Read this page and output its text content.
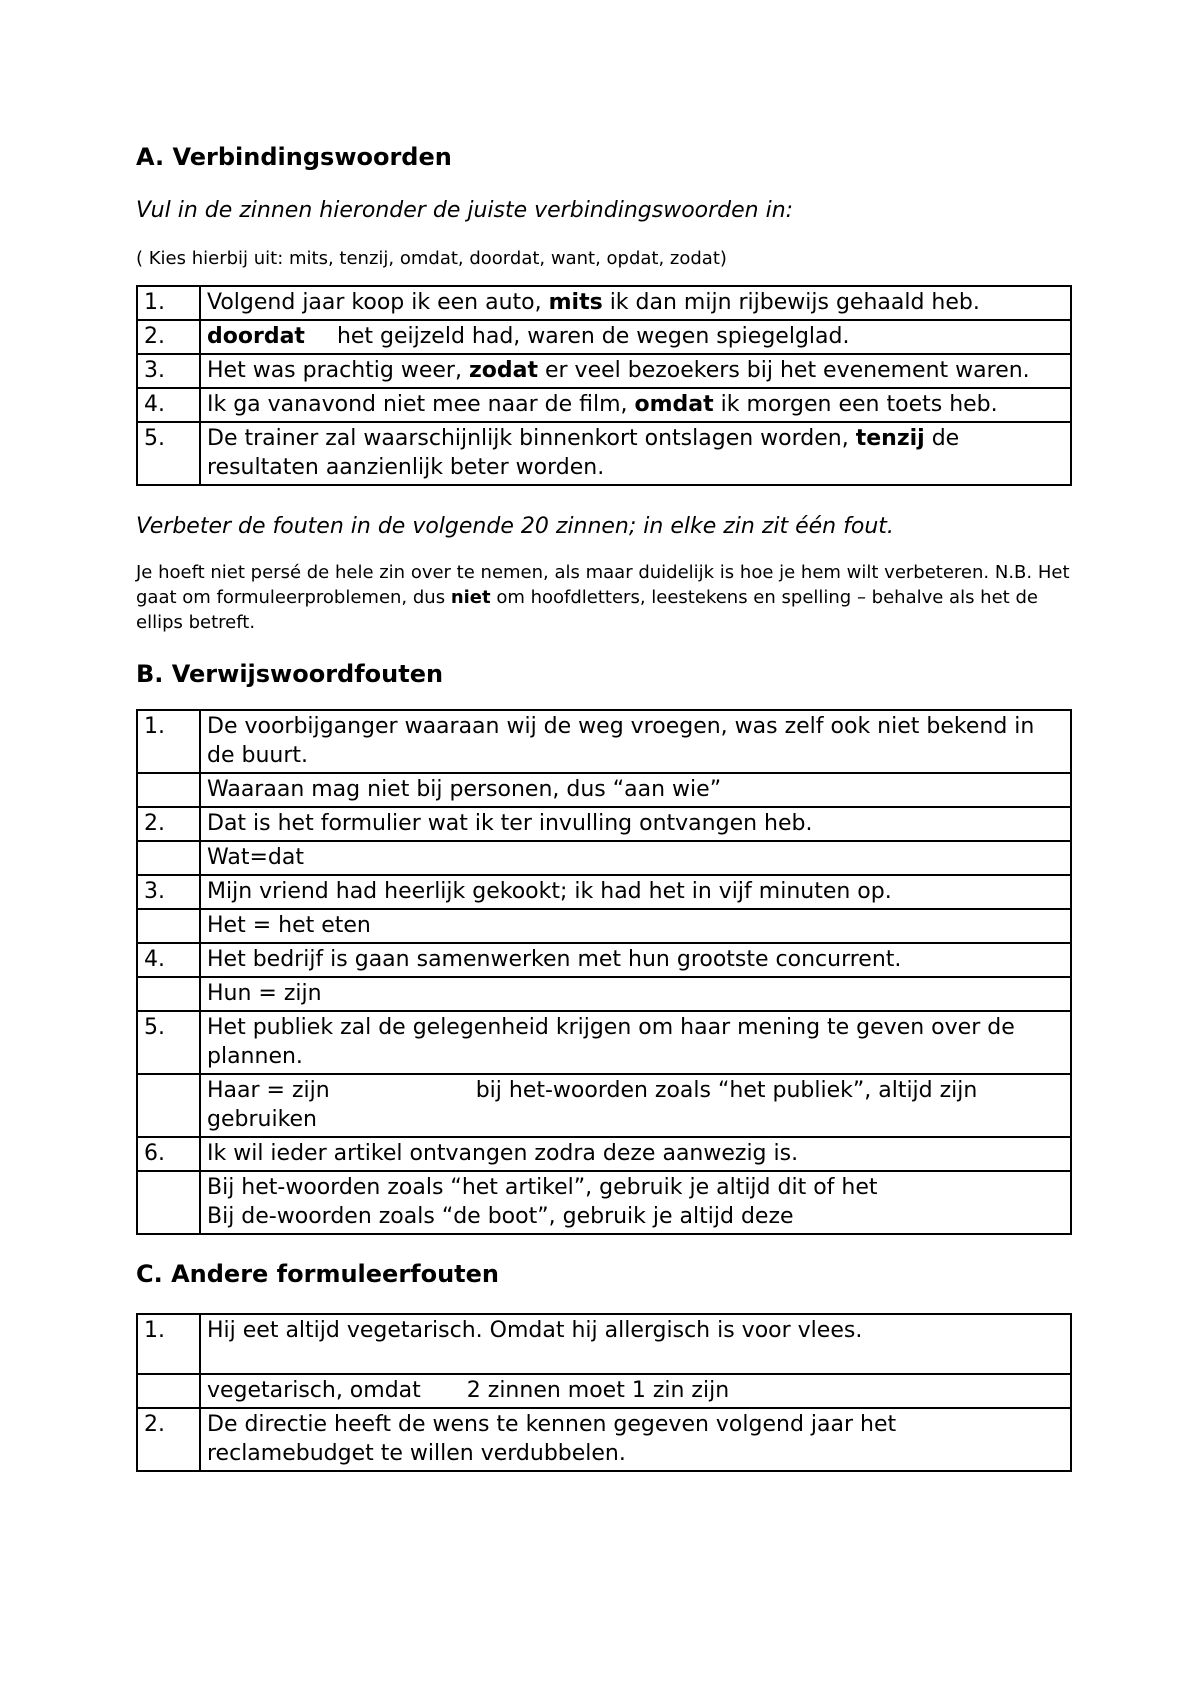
A. Verbindingswoorden

Vul in de zinnen hieronder de juiste verbindingswoorden in:

( Kies hierbij uit: mits, tenzij, omdat, doordat, want, opdat, zodat)

1.	Volgend jaar koop ik een auto, mits ik dan mijn rijbewijs gehaald heb.
2.	doordat het geijzeld had, waren de wegen spiegelglad.
3.	Het was prachtig weer, zodat er veel bezoekers bij het evenement waren.
4.	Ik ga vanavond niet mee naar de film, omdat ik morgen een toets heb.
5.	De trainer zal waarschijnlijk binnenkort ontslagen worden, tenzij de resultaten aanzienlijk beter worden.

Verbeter de fouten in de volgende 20 zinnen; in elke zin zit één fout.

Je hoeft niet persé de hele zin over te nemen, als maar duidelijk is hoe je hem wilt verbeteren. N.B. Het gaat om formuleerproblemen, dus niet om hoofdletters, leestekens en spelling – behalve als het de ellips betreft.

B. Verwijswoordfouten
1.	De voorbijganger waaraan wij de weg vroegen, was zelf ook niet bekend in de buurt.
	Waaraan mag niet bij personen, dus “aan wie”
2.	Dat is het formulier wat ik ter invulling ontvangen heb.
	Wat=dat
3.	Mijn vriend had heerlijk gekookt; ik had het in vijf minuten op.
	Het = het eten
4.	Het bedrijf is gaan samenwerken met hun grootste concurrent.
	Hun = zijn
5.	Het publiek zal de gelegenheid krijgen om haar mening te geven over de plannen.
	Haar = zijn bij het-woorden zoals “het publiek”, altijd zijn gebruiken
6.	Ik wil ieder artikel ontvangen zodra deze aanwezig is.

	Bij het-woorden zoals “het artikel”, gebruik je altijd dit of het
Bij de-woorden zoals “de boot”, gebruik je altijd deze
C. Andere formuleerfouten
1.	Hij eet altijd vegetarisch. Omdat hij allergisch is voor vlees.
	vegetarisch, omdat 2 zinnen moet 1 zin zijn
2.	De directie heeft de wens te kennen gegeven volgend jaar het reclamebudget te willen verdubbelen.
